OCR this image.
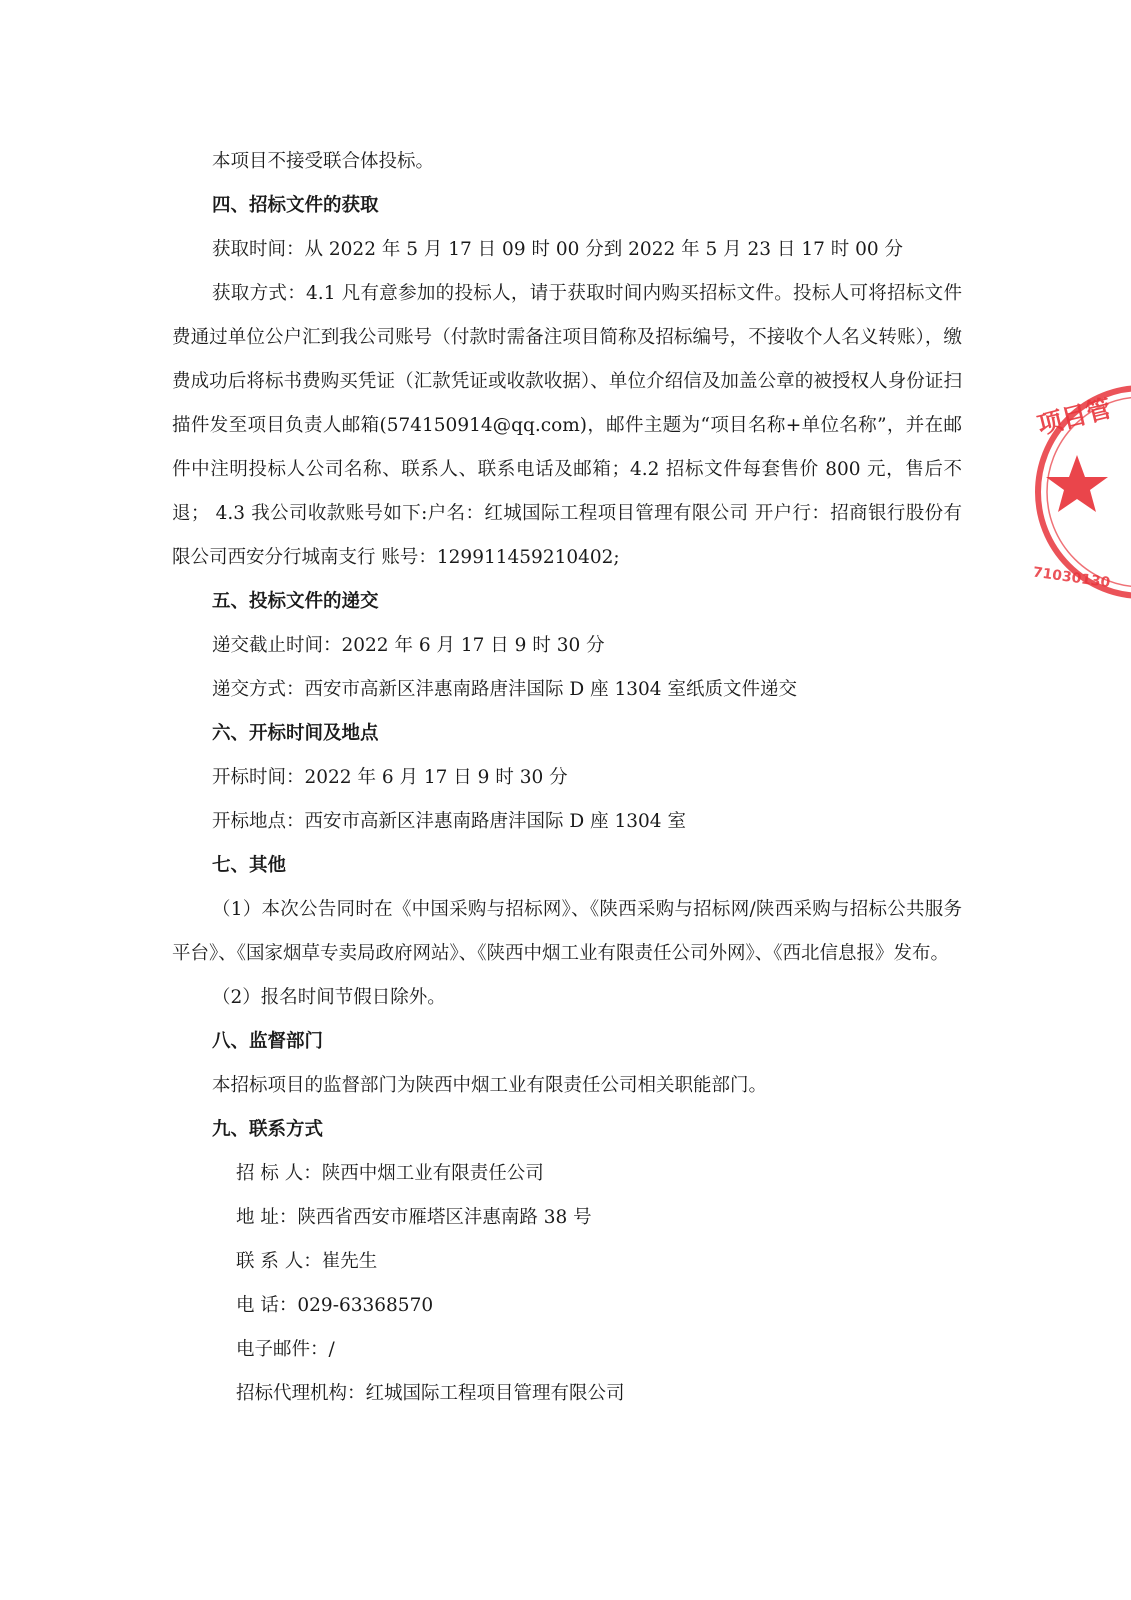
本项目不接受联合体投标。

四、招标文件的获取

获取时间：从 2022 年 5 月 17 日 09 时 00 分到 2022 年 5 月 23 日 17 时 00 分

获取方式：4.1 凡有意参加的投标人，请于获取时间内购买招标文件。投标人可将招标文件费通过单位公户汇到我公司账号（付款时需备注项目简称及招标编号，不接收个人名义转账），缴费成功后将标书费购买凭证（汇款凭证或收款收据）、单位介绍信及加盖公章的被授权人身份证扫描件发至项目负责人邮箱(574150914@qq.com)，邮件主题为“项目名称+单位名称”，并在邮件中注明投标人公司名称、联系人、联系电话及邮箱；4.2 招标文件每套售价 800 元，售后不退； 4.3 我公司收款账号如下:户名：红城国际工程项目管理有限公司 开户行：招商银行股份有限公司西安分行城南支行 账号：129911459210402;

五、投标文件的递交

递交截止时间：2022 年 6 月 17 日 9 时 30 分

递交方式：西安市高新区沣惠南路唐沣国际 D 座 1304 室纸质文件递交

六、开标时间及地点

开标时间：2022 年 6 月 17 日 9 时 30 分

开标地点：西安市高新区沣惠南路唐沣国际 D 座 1304 室

七、其他

（1）本次公告同时在《中国采购与招标网》、《陕西采购与招标网/陕西采购与招标公共服务平台》、《国家烟草专卖局政府网站》、《陕西中烟工业有限责任公司外网》、《西北信息报》发布。

（2）报名时间节假日除外。

八、监督部门

本招标项目的监督部门为陕西中烟工业有限责任公司相关职能部门。

九、联系方式

招 标 人：陕西中烟工业有限责任公司

地 址：陕西省西安市雁塔区沣惠南路 38 号

联 系 人：崔先生

电 话：029-63368570

电子邮件：/

招标代理机构：红城国际工程项目管理有限公司

项目管
71030130
